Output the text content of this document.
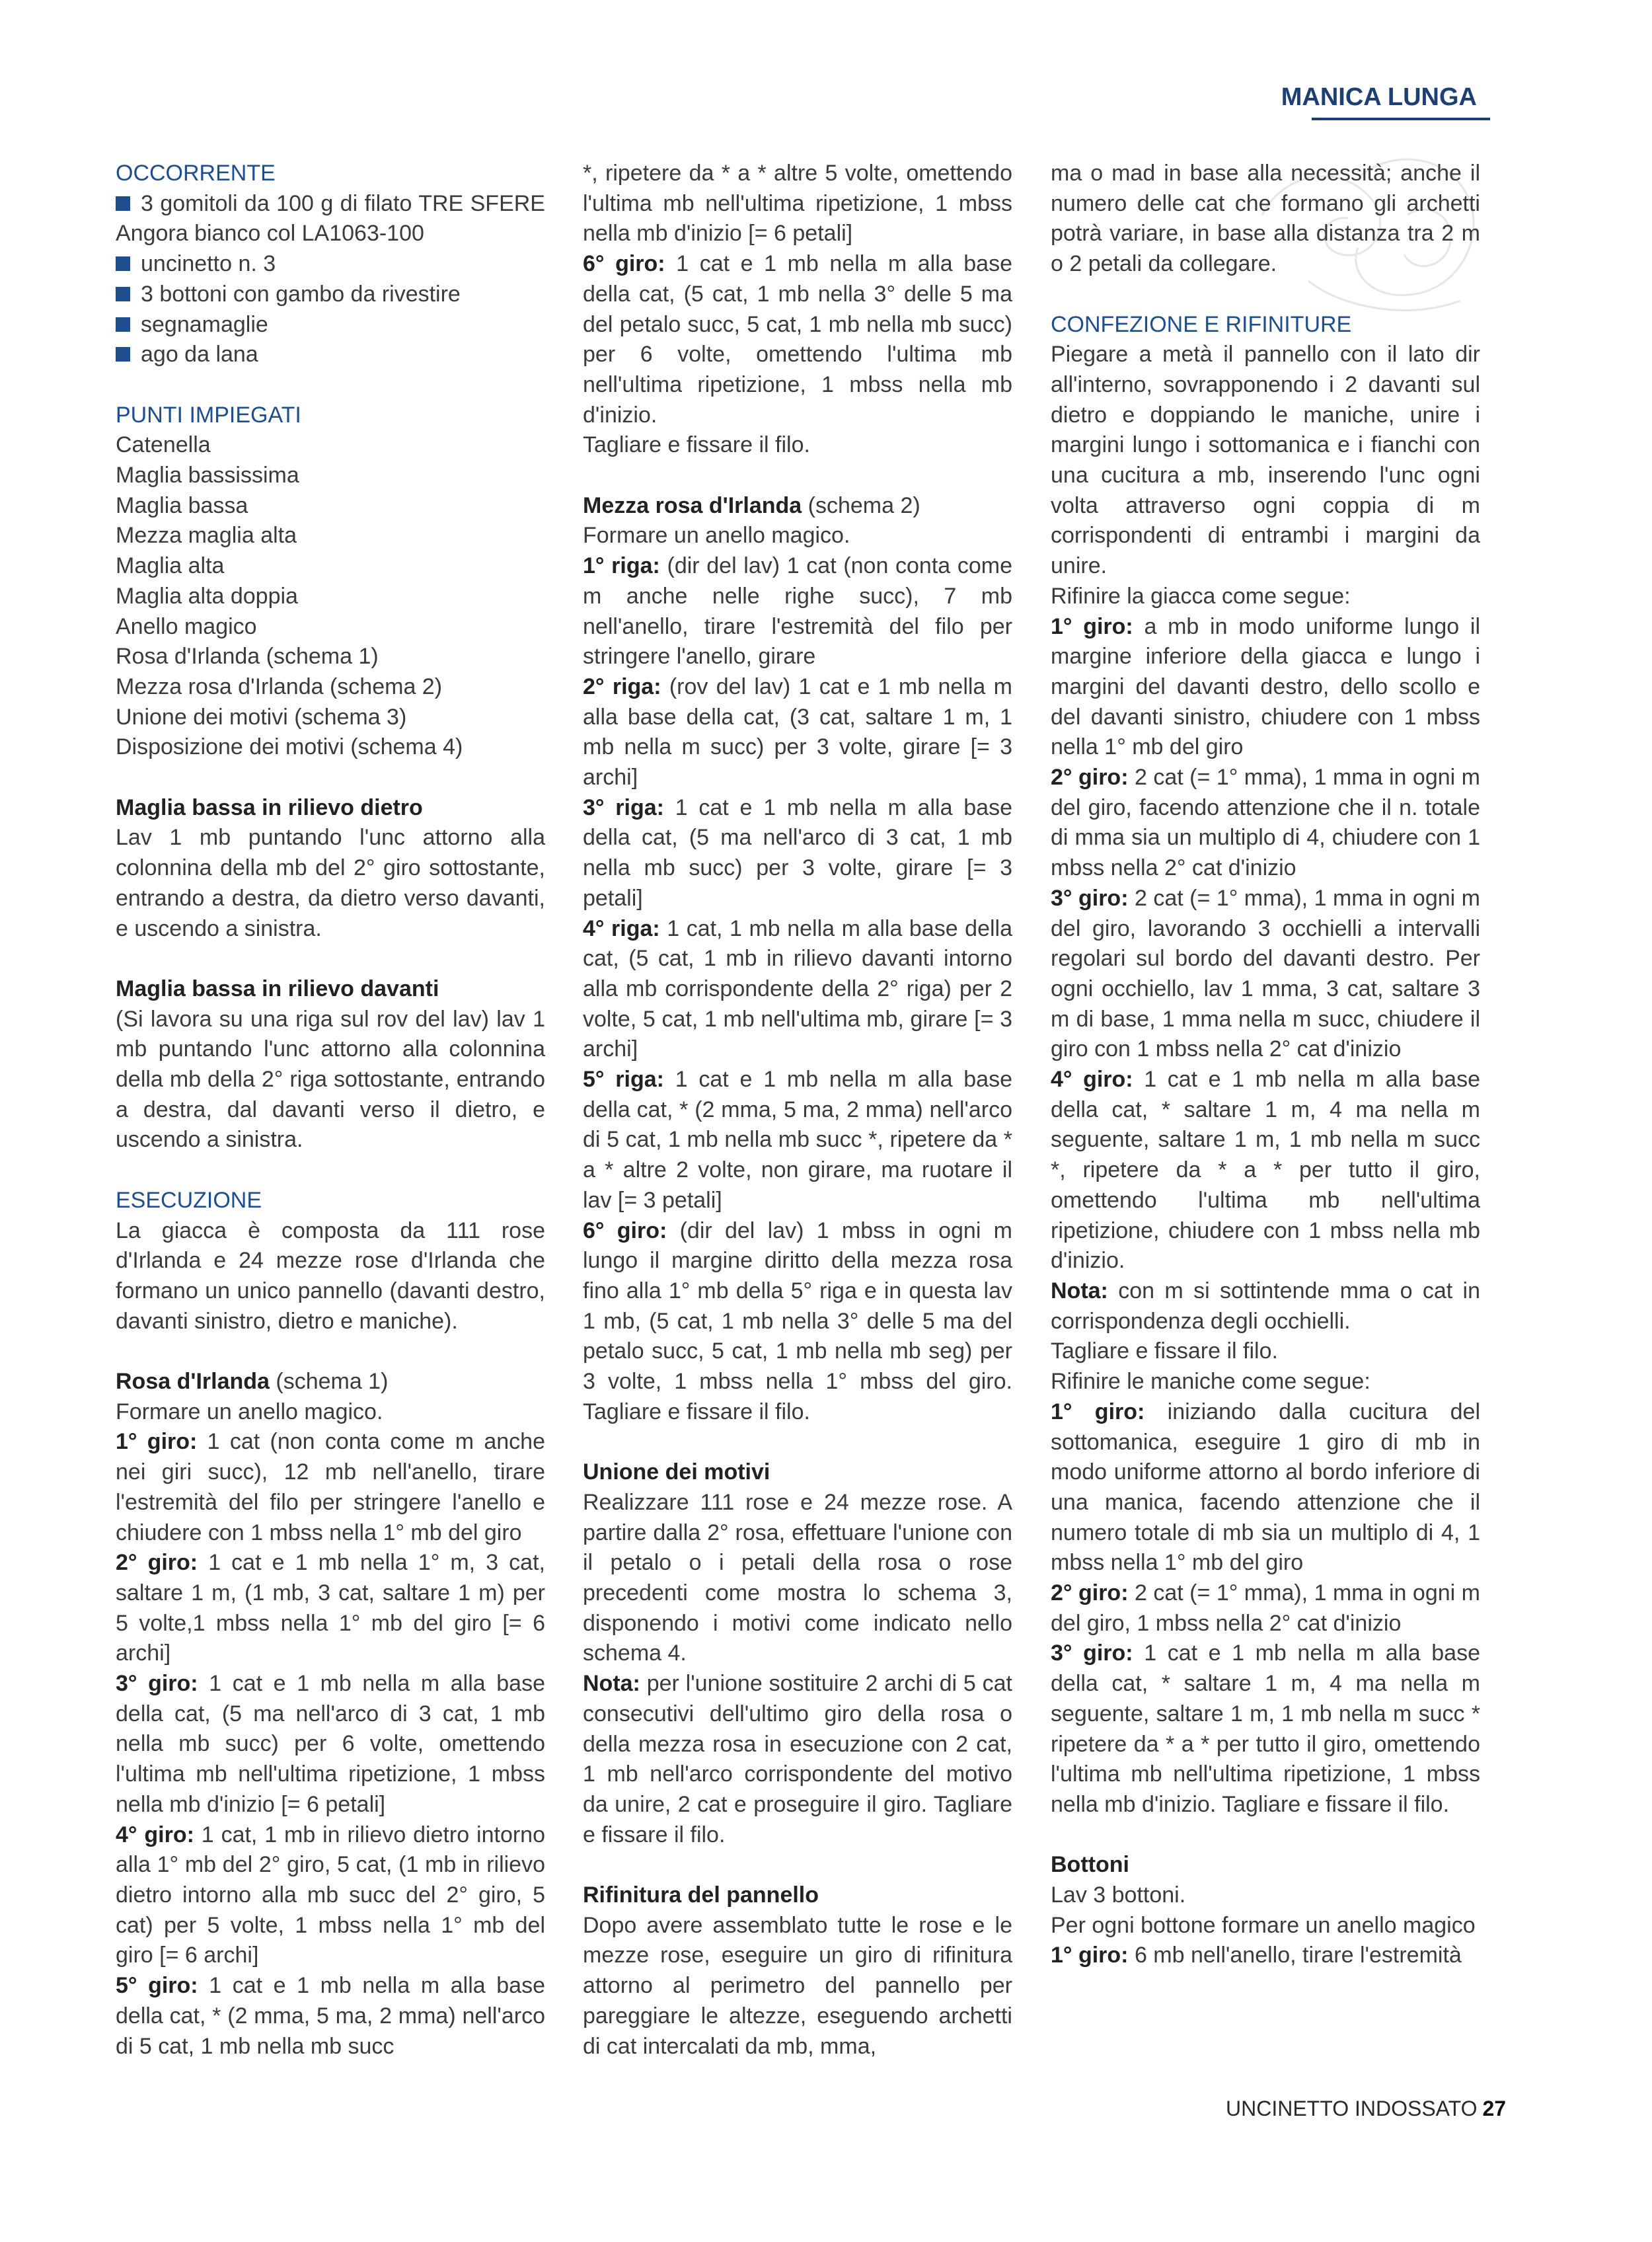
MANICA LUNGA

OCCORRENTE

3 gomitoli da 100 g di filato TRE SFERE Angora bianco col LA1063-100

uncinetto n. 3

3 bottoni con gambo da rivestire

segnamaglie

ago da lana

PUNTI IMPIEGATI

Catenella

Maglia bassissima

Maglia bassa

Mezza maglia alta

Maglia alta

Maglia alta doppia

Anello magico

Rosa d'Irlanda (schema 1)

Mezza rosa d'Irlanda (schema 2)

Unione dei motivi (schema 3)

Disposizione dei motivi (schema 4)

Maglia bassa in rilievo dietro

Lav 1 mb puntando l'unc attorno alla colonnina della mb del 2° giro sottostante, entrando a destra, da dietro verso davanti, e uscendo a sinistra.

Maglia bassa in rilievo davanti

(Si lavora su una riga sul rov del lav) lav 1 mb puntando l'unc attorno alla colonnina della mb della 2° riga sottostante, entrando a destra, dal davanti verso il dietro, e uscendo a sinistra.

ESECUZIONE

La giacca è composta da 111 rose d'Irlanda e 24 mezze rose d'Irlanda che formano un unico pannello (davanti destro, davanti sinistro, dietro e maniche).

Rosa d'Irlanda (schema 1)

Formare un anello magico.

1° giro: 1 cat (non conta come m anche nei giri succ), 12 mb nell'anello, tirare l'estremità del filo per stringere l'anello e chiudere con 1 mbss nella 1° mb del giro

2° giro: 1 cat e 1 mb nella 1° m, 3 cat, saltare 1 m, (1 mb, 3 cat, saltare 1 m) per 5 volte,1 mbss nella 1° mb del giro [= 6 archi]

3° giro: 1 cat e 1 mb nella m alla base della cat, (5 ma nell'arco di 3 cat, 1 mb nella mb succ) per 6 volte, omettendo l'ultima mb nell'ultima ripetizione, 1 mbss nella mb d'inizio [= 6 petali]

4° giro: 1 cat, 1 mb in rilievo dietro intorno alla 1° mb del 2° giro, 5 cat, (1 mb in rilievo dietro intorno alla mb succ del 2° giro, 5 cat) per 5 volte, 1 mbss nella 1° mb del giro [= 6 archi]

5° giro: 1 cat e 1 mb nella m alla base della cat, * (2 mma, 5 ma, 2 mma) nell'arco di 5 cat, 1 mb nella mb succ

*, ripetere da * a * altre 5 volte, omettendo l'ultima mb nell'ultima ripetizione, 1 mbss nella mb d'inizio [= 6 petali]

6° giro: 1 cat e 1 mb nella m alla base della cat, (5 cat, 1 mb nella 3° delle 5 ma del petalo succ, 5 cat, 1 mb nella mb succ) per 6 volte, omettendo l'ultima mb nell'ultima ripetizione, 1 mbss nella mb d'inizio.

Tagliare e fissare il filo.

Mezza rosa d'Irlanda (schema 2)

Formare un anello magico.

1° riga: (dir del lav) 1 cat (non conta come m anche nelle righe succ), 7 mb nell'anello, tirare l'estremità del filo per stringere l'anello, girare

2° riga: (rov del lav) 1 cat e 1 mb nella m alla base della cat, (3 cat, saltare 1 m, 1 mb nella m succ) per 3 volte, girare [= 3 archi]

3° riga: 1 cat e 1 mb nella m alla base della cat, (5 ma nell'arco di 3 cat, 1 mb nella mb succ) per 3 volte, girare [= 3 petali]

4° riga: 1 cat, 1 mb nella m alla base della cat, (5 cat, 1 mb in rilievo davanti intorno alla mb corrispondente della 2° riga) per 2 volte, 5 cat, 1 mb nell'ultima mb, girare [= 3 archi]

5° riga: 1 cat e 1 mb nella m alla base della cat, * (2 mma, 5 ma, 2 mma) nell'arco di 5 cat, 1 mb nella mb succ *, ripetere da * a * altre 2 volte, non girare, ma ruotare il lav [= 3 petali]

6° giro: (dir del lav) 1 mbss in ogni m lungo il margine diritto della mezza rosa fino alla 1° mb della 5° riga e in questa lav 1 mb, (5 cat, 1 mb nella 3° delle 5 ma del petalo succ, 5 cat, 1 mb nella mb seg) per 3 volte, 1 mbss nella 1° mbss del giro. Tagliare e fissare il filo.

Unione dei motivi

Realizzare 111 rose e 24 mezze rose. A partire dalla 2° rosa, effettuare l'unione con il petalo o i petali della rosa o rose precedenti come mostra lo schema 3, disponendo i motivi come indicato nello schema 4.

Nota: per l'unione sostituire 2 archi di 5 cat consecutivi dell'ultimo giro della rosa o della mezza rosa in esecuzione con 2 cat, 1 mb nell'arco corrispondente del motivo da unire, 2 cat e proseguire il giro. Tagliare e fissare il filo.

Rifinitura del pannello

Dopo avere assemblato tutte le rose e le mezze rose, eseguire un giro di rifinitura attorno al perimetro del pannello per pareggiare le altezze, eseguendo archetti di cat intercalati da mb, mma,

ma o mad in base alla necessità; anche il numero delle cat che formano gli archetti potrà variare, in base alla distanza tra 2 m o 2 petali da collegare.

CONFEZIONE E RIFINITURE

Piegare a metà il pannello con il lato dir all'interno, sovrapponendo i 2 davanti sul dietro e doppiando le maniche, unire i margini lungo i sottomanica e i fianchi con una cucitura a mb, inserendo l'unc ogni volta attraverso ogni coppia di m corrispondenti di entrambi i margini da unire.

Rifinire la giacca come segue:

1° giro: a mb in modo uniforme lungo il margine inferiore della giacca e lungo i margini del davanti destro, dello scollo e del davanti sinistro, chiudere con 1 mbss nella 1° mb del giro

2° giro: 2 cat (= 1° mma), 1 mma in ogni m del giro, facendo attenzione che il n. totale di mma sia un multiplo di 4, chiudere con 1 mbss nella 2° cat d'inizio

3° giro: 2 cat (= 1° mma), 1 mma in ogni m del giro, lavorando 3 occhielli a intervalli regolari sul bordo del davanti destro. Per ogni occhiello, lav 1 mma, 3 cat, saltare 3 m di base, 1 mma nella m succ, chiudere il giro con 1 mbss nella 2° cat d'inizio

4° giro: 1 cat e 1 mb nella m alla base della cat, * saltare 1 m, 4 ma nella m seguente, saltare 1 m, 1 mb nella m succ *, ripetere da * a * per tutto il giro, omettendo l'ultima mb nell'ultima ripetizione, chiudere con 1 mbss nella mb d'inizio.

Nota: con m si sottintende mma o cat in corrispondenza degli occhielli.

Tagliare e fissare il filo.

Rifinire le maniche come segue:

1° giro: iniziando dalla cucitura del sottomanica, eseguire 1 giro di mb in modo uniforme attorno al bordo inferiore di una manica, facendo attenzione che il numero totale di mb sia un multiplo di 4, 1 mbss nella 1° mb del giro

2° giro: 2 cat (= 1° mma), 1 mma in ogni m del giro, 1 mbss nella 2° cat d'inizio

3° giro: 1 cat e 1 mb nella m alla base della cat, * saltare 1 m, 4 ma nella m seguente, saltare 1 m, 1 mb nella m succ * ripetere da * a * per tutto il giro, omettendo l'ultima mb nell'ultima ripetizione, 1 mbss nella mb d'inizio. Tagliare e fissare il filo.

Bottoni

Lav 3 bottoni.

Per ogni bottone formare un anello magico

1° giro: 6 mb nell'anello, tirare l'estremità

UNCINETTO INDOSSATO 27
